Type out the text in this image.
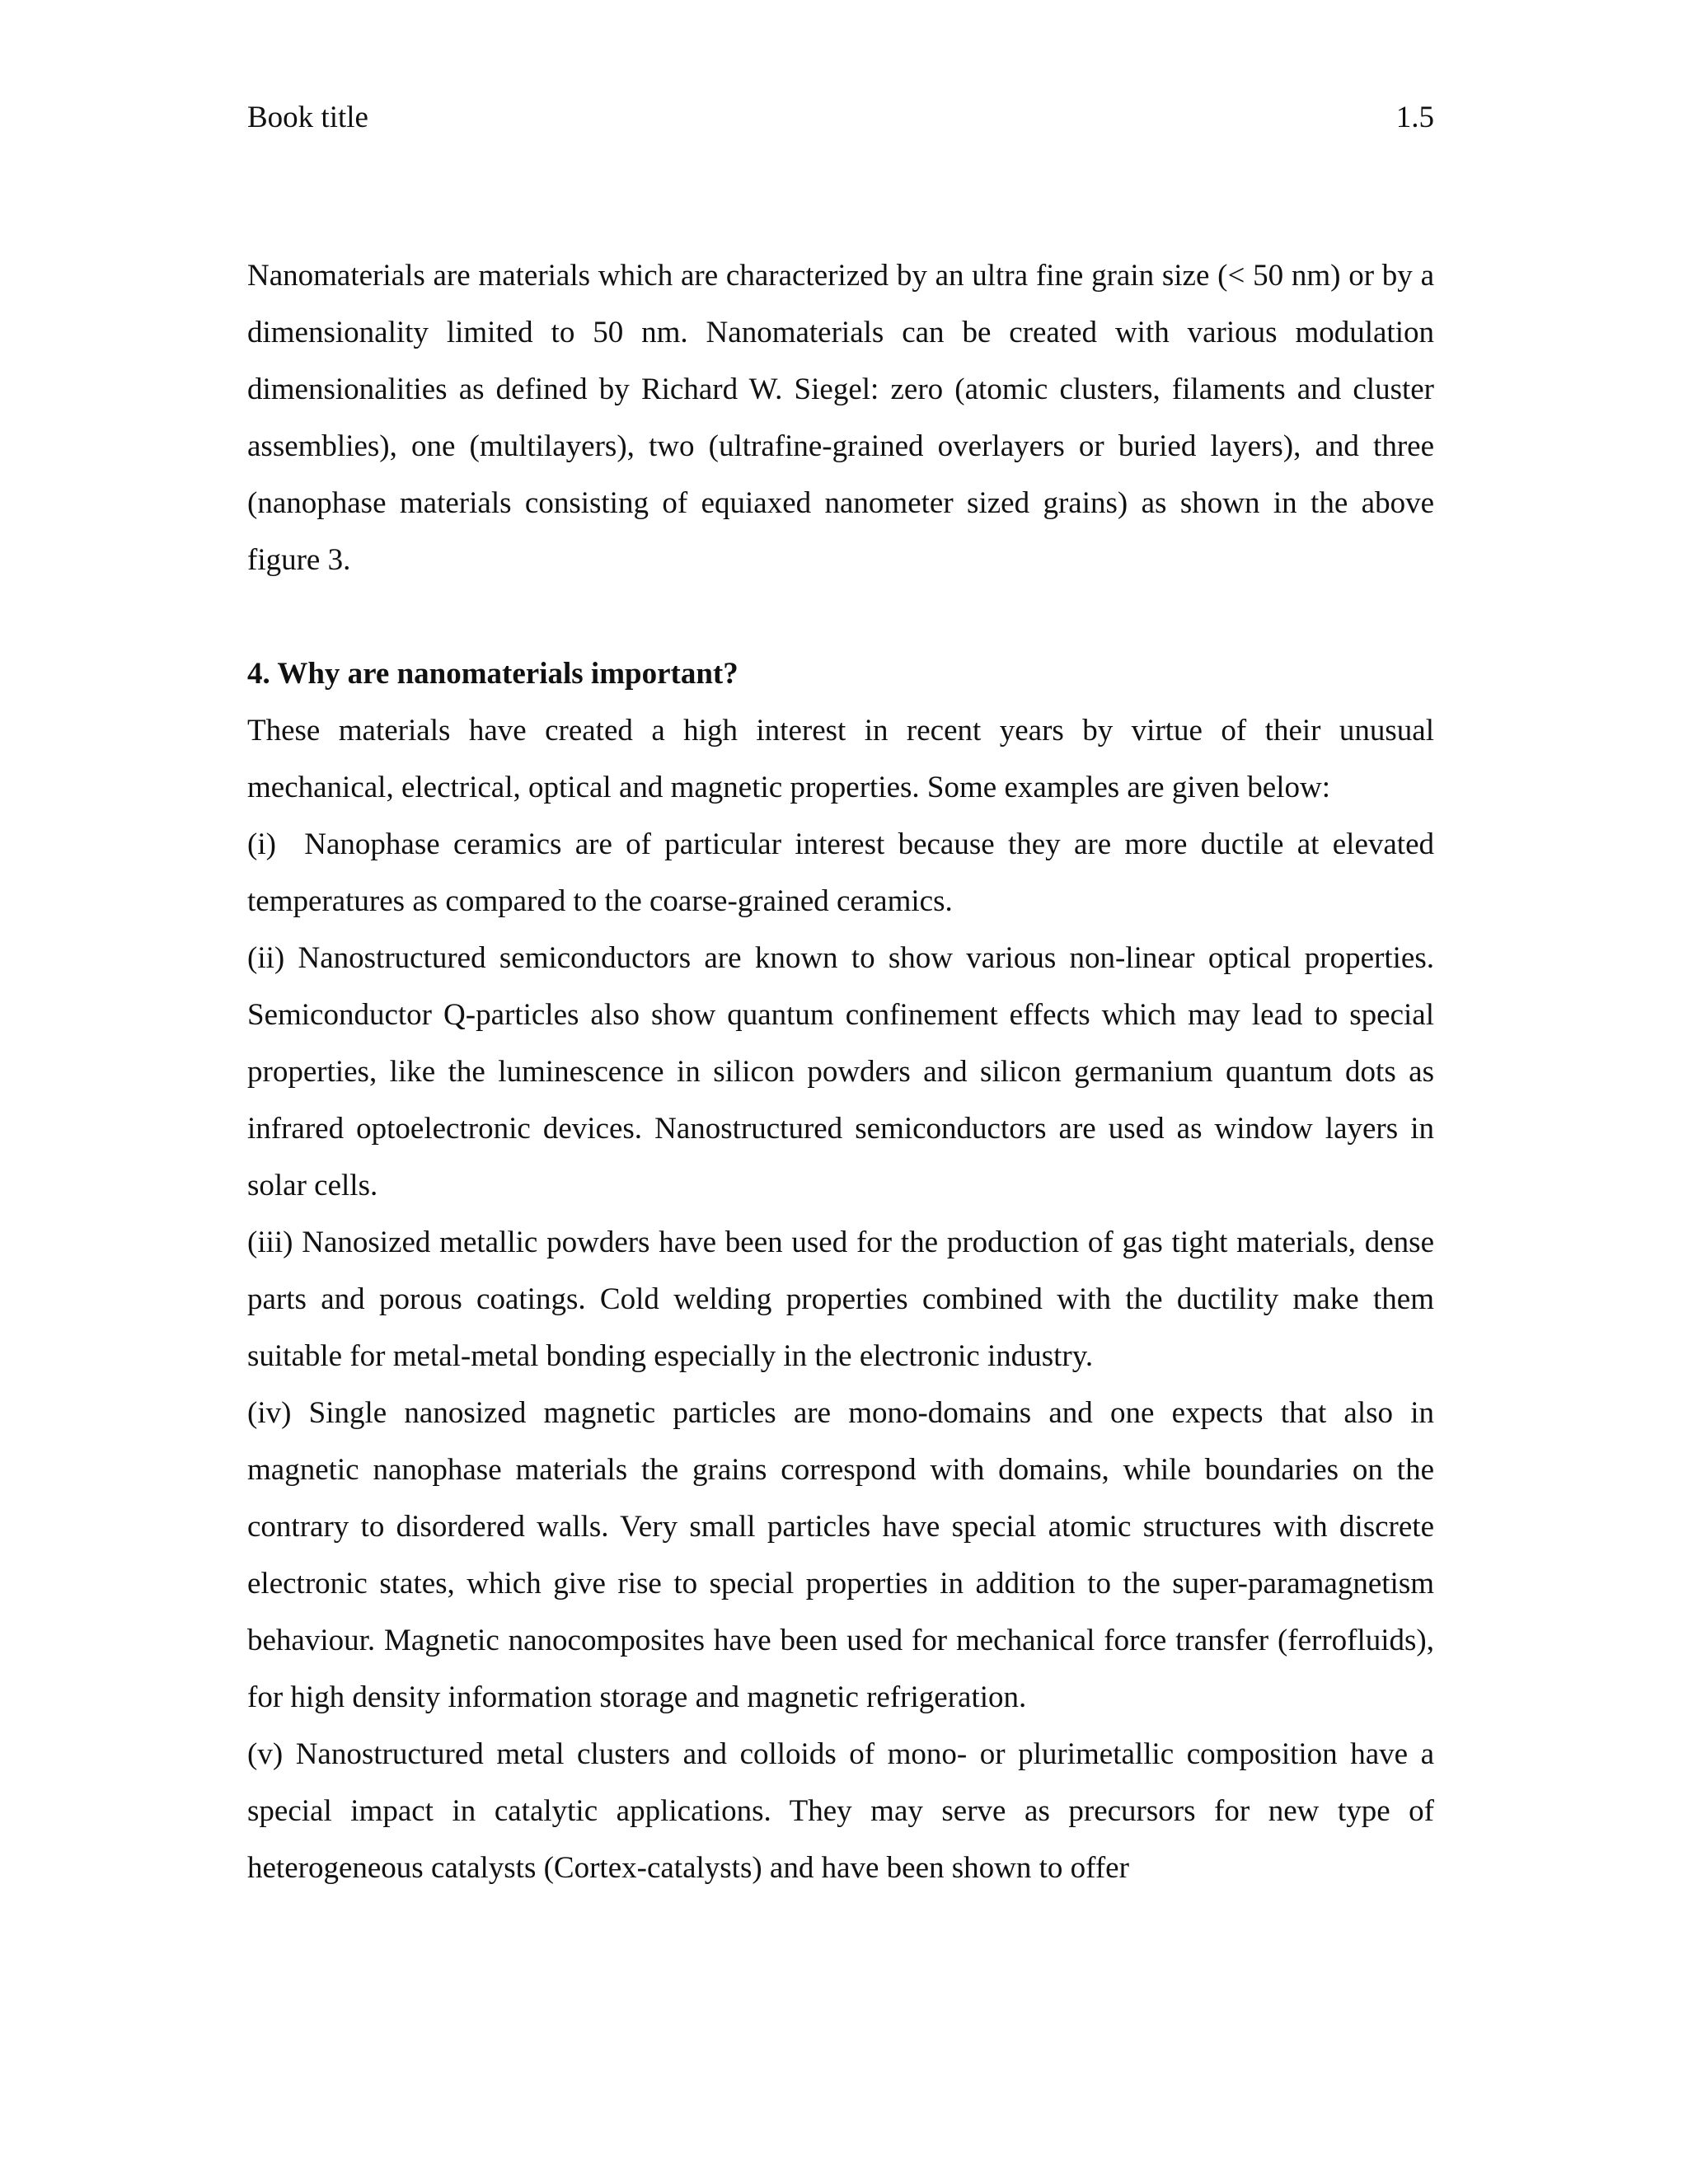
Book title	1.5

Nanomaterials are materials which are characterized by an ultra fine grain size (< 50 nm) or by a dimensionality limited to 50 nm. Nanomaterials can be created with various modulation dimensionalities as defined by Richard W. Siegel: zero (atomic clusters, filaments and cluster assemblies), one (multilayers), two (ultrafine-grained overlayers or buried layers), and three (nanophase materials consisting of equiaxed nanometer sized grains) as shown in the above figure 3.

4. Why are nanomaterials important?

These materials have created a high interest in recent years by virtue of their unusual mechanical, electrical, optical and magnetic properties. Some examples are given below:

(i) Nanophase ceramics are of particular interest because they are more ductile at elevated temperatures as compared to the coarse-grained ceramics.

(ii) Nanostructured semiconductors are known to show various non-linear optical properties. Semiconductor Q-particles also show quantum confinement effects which may lead to special properties, like the luminescence in silicon powders and silicon germanium quantum dots as infrared optoelectronic devices. Nanostructured semiconductors are used as window layers in solar cells.

(iii) Nanosized metallic powders have been used for the production of gas tight materials, dense parts and porous coatings. Cold welding properties combined with the ductility make them suitable for metal-metal bonding especially in the electronic industry.

(iv) Single nanosized magnetic particles are mono-domains and one expects that also in magnetic nanophase materials the grains correspond with domains, while boundaries on the contrary to disordered walls. Very small particles have special atomic structures with discrete electronic states, which give rise to special properties in addition to the super-paramagnetism behaviour. Magnetic nanocomposites have been used for mechanical force transfer (ferrofluids), for high density information storage and magnetic refrigeration.

(v) Nanostructured metal clusters and colloids of mono- or plurimetallic composition have a special impact in catalytic applications. They may serve as precursors for new type of heterogeneous catalysts (Cortex-catalysts) and have been shown to offer
